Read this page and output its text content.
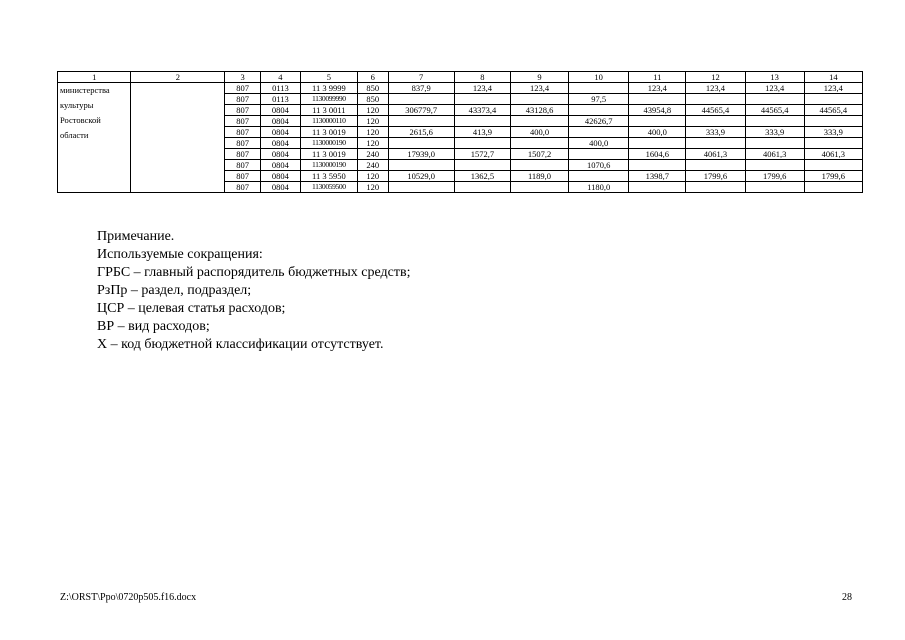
1	2	3	4	5	6	7	8	9	10	11	12	13	14

министерства
культуры
Ростовской
области		807	0113	11 3 9999	850	837,9	123,4	123,4		123,4	123,4	123,4	123,4
		807	0113	1130099990	850				97,5				
		807	0804	11 3 0011	120	306779,7	43373,4	43128,6		43954,8	44565,4	44565,4	44565,4
		807	0804	1130000110	120				42626,7				
		807	0804	11 3 0019	120	2615,6	413,9	400,0		400,0	333,9	333,9	333,9
		807	0804	1130000190	120				400,0				
		807	0804	11 3 0019	240	17939,0	1572,7	1507,2		1604,6	4061,3	4061,3	4061,3
		807	0804	1130000190	240				1070,6				
		807	0804	11 3 5950	120	10529,0	1362,5	1189,0		1398,7	1799,6	1799,6	1799,6
		807	0804	1130059500	120				1180,0				
Примечание.
Используемые сокращения:
ГРБС – главный распорядитель бюджетных средств;
РзПр – раздел, подраздел;
ЦСР – целевая статья расходов;
ВР – вид расходов;
Х – код бюджетной классификации отсутствует.
Z:\ORST\Ppo\0720p505.f16.docx	28
